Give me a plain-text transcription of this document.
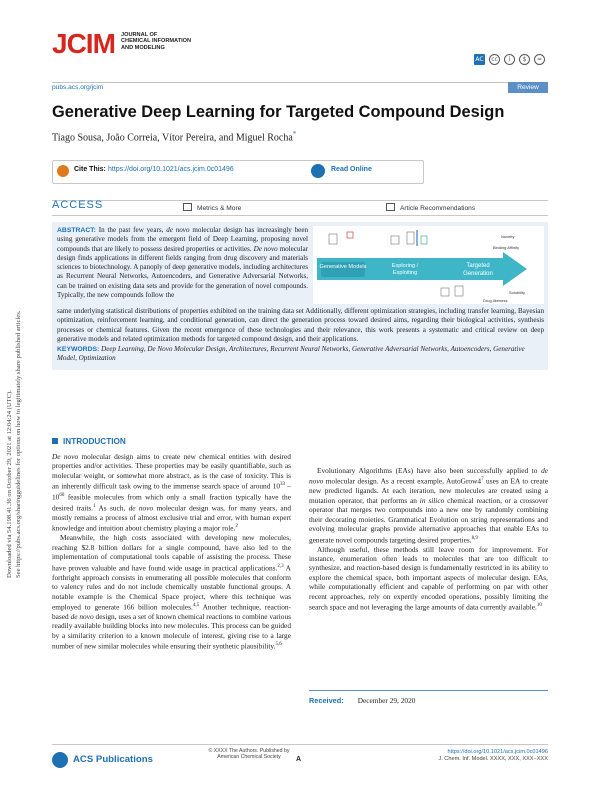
Downloaded via 54.198.41.36 on October 29, 2021 at 12:04:24 (UTC). See https://pubs.acs.org/sharingguidelines for options on how to legitimately share published articles.
JCIM JOURNAL OF
CHEMICAL INFORMATION
AND MODELING
AC	cc	i	$	=
pubs.acs.org/jcim	Review
Generative Deep Learning for Targeted Compound Design
Tiago Sousa, João Correia, Vítor Pereira, and Miguel Rocha*
Cite This: https://doi.org/10.1021/acs.jcim.0c01496	Read Online
ACCESS	Metrics & More	Article Recommendations
ABSTRACT: In the past few years, de novo molecular design has increasingly been using generative models from the emergent field of Deep Learning, proposing novel compounds that are likely to possess desired properties or activities. De novo molecular design finds applications in different fields ranging from drug discovery and materials sciences to biotechnology. A panoply of deep generative models, including architectures as Recurrent Neural Networks, Autoencoders, and Generative Adversarial Networks, can be trained on existing data sets and provide for the generation of novel compounds. Typically, the new compounds follow the
Generative Models	Exploring /
Exploiting
Targeted
Generation
Novelty
Binding Affinity
Solubility
Drug-likeness
same underlying statistical distributions of properties exhibited on the training data set Additionally, different optimization strategies, including transfer learning, Bayesian optimization, reinforcement learning, and conditional generation, can direct the generation process toward desired aims, regarding their biological activities, synthesis processes or chemical features. Given the recent emergence of these technologies and their relevance, this work presents a systematic and critical review on deep generative models and related optimization methods for targeted compound design, and their applications.
KEYWORDS: Deep Learning, De Novo Molecular Design, Architectures, Recurrent Neural Networks, Generative Adversarial Networks, Autoencoders, Generative Model, Optimization
INTRODUCTION

De novo molecular design aims to create new chemical entities with desired properties and/or activities. These properties may be easily quantifiable, such as molecular weight, or somewhat more abstract, as is the case of toxicity. This is an inherently difficult task owing to the immense search space of around $10^{33} - 10^{60}$ feasible molecules from which only a small fraction typically have the desired traits.$^1$ As such, de novo molecular design was, for many years, and mostly remains a process of almost exclusive trial and error, with human expert knowledge and intuition about chemistry playing a major role.$^2$

Meanwhile, the high costs associated with developing new molecules, reaching $2.8 billion dollars for a single compound, have also led to the implementation of computational tools capable of assisting the process. These have proven valuable and have found wide usage in practical applications.$^{2,3}$ A forthright approach consists in enumerating all possible molecules that conform to valency rules and do not include chemically unstable functional groups. A notable example is the Chemical Space project, where this technique was employed to generate 166 billion molecules.$^{4,5}$ Another technique, reaction-based de novo design, uses a set of known chemical reactions to combine various readily available building blocks into new molecules. This process can be guided by a similarity criterion to a known molecule of interest, giving rise to a large number of new similar molecules while ensuring their synthetic plausibility.$^{5,6}$

Evolutionary Algorithms (EAs) have also been successfully applied to de novo molecular design. As a recent example, $AutoGrow4^7$ uses an EA to create new predicted ligands. At each iteration, new molecules are created using a mutation operator, that performs an in silico chemical reaction, or a crossover operator that merges two compounds into a new one by randomly combining their decorating moieties. Grammatical Evolution on string representations and evolving molecular graphs provide alternative approaches that enable EAs to generate novel compounds targeting desired properties.$^{8,9}$

Although useful, these methods still leave room for improvement. For instance, enumeration often leads to molecules that are too difficult to synthesize, and reaction-based design is fundamentally restricted in its ability to explore the chemical space, both important aspects of molecular design. EAs, while computationally efficient and capable of performing on par with other recent approaches, rely on expertly encoded operations, possibly limiting the search space and not leveraging the large amounts of data currently available.$^{10}$

Received: December 29, 2020
ACS Publications
© XXXX The Authors. Published by
American Chemical Society	A
https://doi.org/10.1021/acs.jcim.0c01496
J. Chem. Inf. Model. XXXX, XXX, XXX−XXX
